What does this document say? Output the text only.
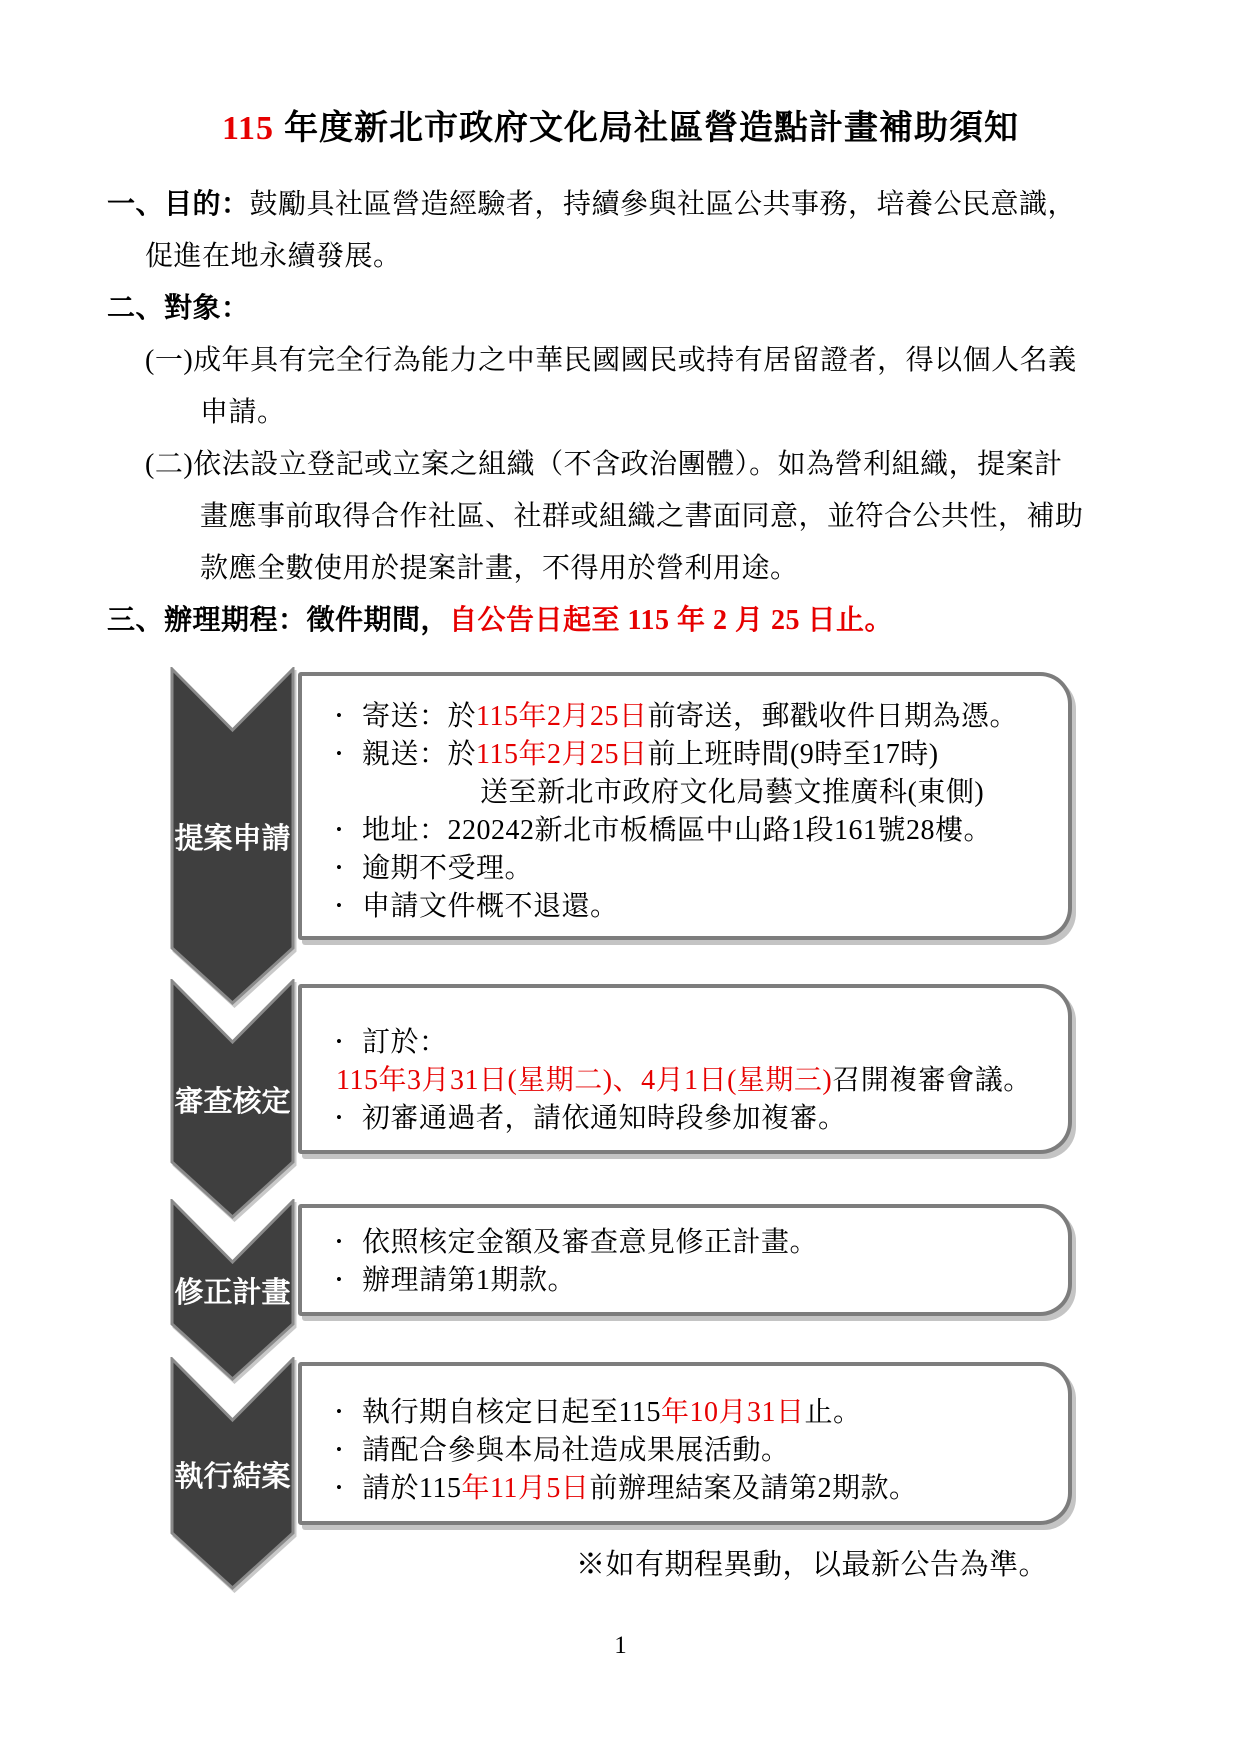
115 年度新北市政府文化局社區營造點計畫補助須知
一、目的：鼓勵具社區營造經驗者，持續參與社區公共事務，培養公民意識，
促進在地永續發展。
二、對象：
(一)成年具有完全行為能力之中華民國國民或持有居留證者，得以個人名義
申請。
(二)依法設立登記或立案之組織（不含政治團體）。如為營利組織，提案計
畫應事前取得合作社區、社群或組織之書面同意，並符合公共性，補助
款應全數使用於提案計畫，不得用於營利用途。
三、辦理期程：徵件期間，自公告日起至 115 年 2 月 25 日止。
提案申請
• 寄送：於115年2月25日前寄送，郵戳收件日期為憑。
• 親送：於115年2月25日前上班時間(9時至17時)
送至新北市政府文化局藝文推廣科(東側)
• 地址：220242新北市板橋區中山路1段161號28樓。
• 逾期不受理。
• 申請文件概不退還。
審查核定
• 訂於：
115年3月31日(星期二)、4月1日(星期三)召開複審會議。
• 初審通過者，請依通知時段參加複審。
修正計畫
• 依照核定金額及審查意見修正計畫。
• 辦理請第1期款。
執行結案
• 執行期自核定日起至115年10月31日止。
• 請配合參與本局社造成果展活動。
• 請於115年11月5日前辦理結案及請第2期款。
※如有期程異動，以最新公告為準。
1
